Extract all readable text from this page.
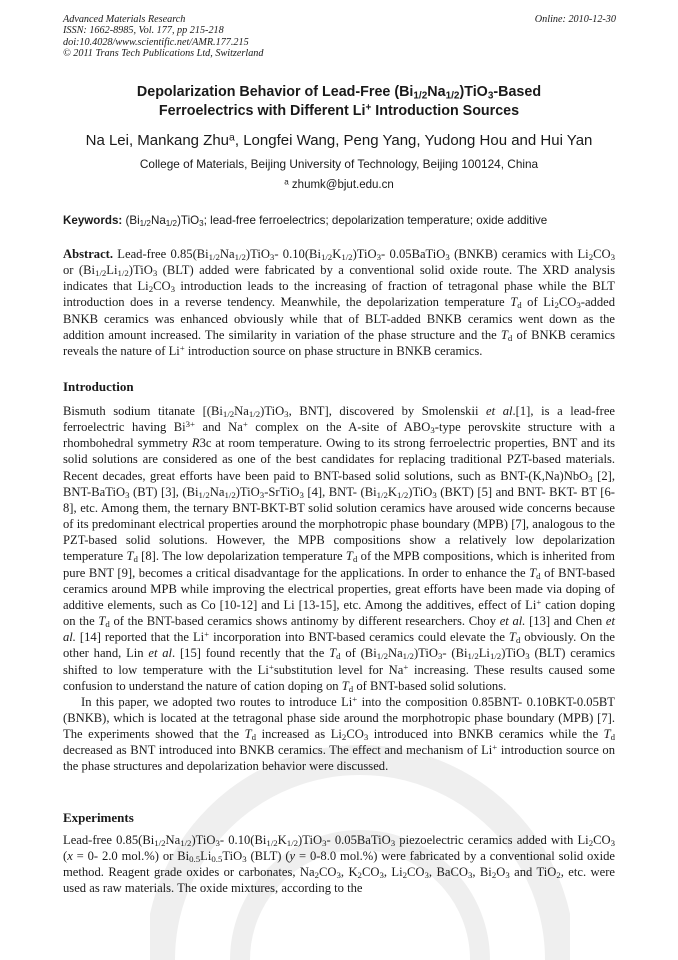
Advanced Materials Research
ISSN: 1662-8985, Vol. 177, pp 215-218
doi:10.4028/www.scientific.net/AMR.177.215
© 2011 Trans Tech Publications Ltd, Switzerland
Online: 2010-12-30
Depolarization Behavior of Lead-Free $(Bi_{1/2}Na_{1/2})TiO_3$-Based
Ferroelectrics with Different Li+ Introduction Sources
Na Lei, Mankang Zhu$^a$, Longfei Wang, Peng Yang, Yudong Hou and Hui Yan
College of Materials, Beijing University of Technology, Beijing 100124, China
$^a$ zhumk@bjut.edu.cn
Keywords: $(Bi_{1/2}Na_{1/2})TiO_3$; lead-free ferroelectrics; depolarization temperature; oxide additive

Abstract. Lead-free $0.85(Bi_{1/2}Na_{1/2})TiO_3-$ $0.10(Bi_{1/2}K_{1/2})TiO_3-$ 0.05BaTiO$_3$ (BNKB) ceramics with $Li_2CO_3$ or $(Bi_{1/2}Li_{1/2})TiO_3$ (BLT) added were fabricated by a conventional solid oxide route. The XRD analysis indicates that $Li_2CO_3$ introduction leads to the increasing of fraction of tetragonal phase while the BLT introduction does in a reverse tendency. Meanwhile, the depolarization temperature $T_d$ of $Li_2CO_3$-added BNKB ceramics was enhanced obviously while that of BLT-added BNKB ceramics went down as the addition amount increased. The similarity in variation of the phase structure and the $T_d$ of BNKB ceramics reveals the nature of Li+ introduction source on phase structure in BNKB ceramics.

Introduction

Bismuth sodium titanate [$(Bi_{1/2}Na_{1/2})TiO_3$, BNT], discovered by Smolenskii et al.[1], is a lead-free ferroelectric having $Bi^{3+}$ and Na+ complex on the A-site of $ABO_3$-type perovskite structure with a rhombohedral symmetry R3c at room temperature. Owing to its strong ferroelectric properties, BNT and its solid solutions are considered as one of the best candidates for replacing traditional PZT-based materials. Recent decades, great efforts have been paid to BNT-based solid solutions, such as BNT-(K,Na)NbO$_3$ [2], BNT-BaTiO$_3$ (BT) [3], $(Bi_{1/2}Na_{1/2})TiO_3-SrTiO_3$ [4], BNT- $(Bi_{1/2}K_{1/2})TiO_3$ (BKT) [5] and BNT- BKT- BT [6-8], etc. Among them, the ternary BNT-BKT-BT solid solution ceramics have aroused wide concerns because of its predominant electrical properties around the morphotropic phase boundary (MPB) [7], analogous to the PZT-based solid solutions. However, the MPB compositions show a relatively low depolarization temperature $T_d$ [8]. The low depolarization temperature $T_d$ of the MPB compositions, which is inherited from pure BNT [9], becomes a critical disadvantage for the applications. In order to enhance the $T_d$ of BNT-based ceramics around MPB while improving the electrical properties, great efforts have been made via doping of additive elements, such as Co [10-12] and Li [13-15], etc. Among the additives, effect of Li+ cation doping on the $T_d$ of the BNT-based ceramics shows antinomy by different researchers. Choy et al. [13] and Chen et al. [14] reported that the Li+ incorporation into BNT-based ceramics could elevate the $T_d$ obviously. On the other hand, Lin et al. [15] found recently that the $T_d$ of $(Bi_{1/2}Na_{1/2})TiO_3-$ $(Bi_{1/2}Li_{1/2})TiO_3$ (BLT) ceramics shifted to low temperature with the Li+substitution level for Na+ increasing. These results caused some confusion to understand the nature of cation doping on $T_d$ of BNT-based solid solutions.

In this paper, we adopted two routes to introduce Li+ into the composition 0.85BNT- 0.10BKT-0.05BT (BNKB), which is located at the tetragonal phase side around the morphotropic phase boundary (MPB) [7]. The experiments showed that the $T_d$ increased as $Li_2CO_3$ introduced into BNKB ceramics while the $T_d$ decreased as BNT introduced into BNKB ceramics. The effect and mechanism of Li+ introduction source on the phase structures and depolarization behavior were discussed.

Experiments

Lead-free $0.85(Bi_{1/2}Na_{1/2})TiO_3-$ $0.10(Bi_{1/2}K_{1/2})TiO_3-$ 0.05BaTiO$_3$ piezoelectric ceramics added with $Li_2CO_3$ (x = 0- 2.0 mol.%) or $Bi_{0.5}Li_{0.5}TiO_3$ (BLT) (y = 0-8.0 mol.%) were fabricated by a conventional solid oxide method. Reagent grade oxides or carbonates, $Na_2CO_3$, $K_2CO_3$, $Li_2CO_3$, BaCO$_3$, $Bi_2O_3$ and TiO$_2$, etc. were used as raw materials. The oxide mixtures, according to the
